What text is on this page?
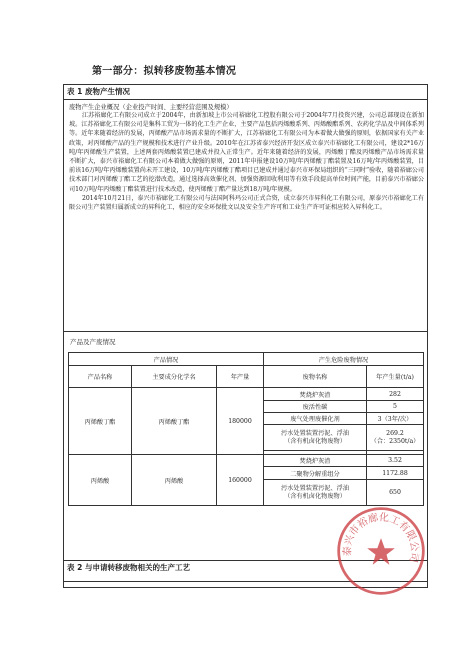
第一部分：拟转移废物基本情况
表 1 废物产生情况
废物产生企业概况（企业投产时间、主要经营范围及规模）

江苏裕廊化工有限公司成立于2004年，由新加坡上市公司裕廊化工控股有限公司于2004年7月投资兴建，公司总部现设在新加坡。江苏裕廊化工有限公司是集科工贸为一体的化工生产企业，主要产品包括丙烯酸系列、丙烯酸酯系列、农药化学品及中间体系列等。近年来随着经济的发展，丙烯酸产品市场需求量的不断扩大，江苏裕廊化工有限公司为本着做大做强的原则，依据国家有关产业政策，对丙烯酸产品的生产规模和技术进行产业升级。2010年在江苏省泰兴经济开发区成立泰兴市裕廊化工有限公司，建设2*16万吨/年丙烯酸生产装置，上述两套丙烯酸装置已建成并投入正常生产。近年来随着经济的发展，丙烯酸丁酯及丙烯酸产品市场需求量不断扩大，泰兴市裕廊化工有限公司本着做大做强的原则，2011年申报建设10万吨/年丙烯酸丁酯装置及16万吨/年丙烯酸装置，目前该16万吨/年丙烯酸装置尚未开工建设，10万吨/年丙烯酸丁酯项目已建成并通过泰兴市环保局组织的“三同时”验收，随着裕廊公司技术部门对丙烯酸丁酯工艺的挖潜改造，通过选择高效催化剂、加强资源回收利用等有效手段提高单位时间产能，目前泰兴市裕廊公司10万吨/年丙烯酸丁酯装置进行技术改造，使丙烯酸丁酯产量达到18万吨/年规模。

2014年10月21日，泰兴市裕廊化工有限公司与法国阿科玛公司正式合资，成立泰兴市昇科化工有限公司，原泰兴市裕廊化工有限公司生产装置归属新成立的昇科化工，相应的安全环保批文以及安全生产许可和工业生产许可证相应转入昇科化工。

产品及产废情况
产品情况			产生危险废物情况	
产品名称	主要成分化学名	年产量	废物名称	年产生量(t/a)
丙烯酸丁酯	丙烯酸丁酯	180000	焚烧炉灰渣	282
			废活性碳	5
			废气处理废催化剂	3（3年/次）
			污水处置装置污泥、浮油
（含有机卤化物废物）	269.2
（合：2350t/a）

丙烯酸	丙烯酸	160000	焚烧炉灰渣	3.52
			二聚物分解重组分	1172.88
			污水处置装置污泥、浮油
（含有机卤化物废物）	650
表 2 与申请转移废物相关的生产工艺
泰兴市裕廊化工有限公司
